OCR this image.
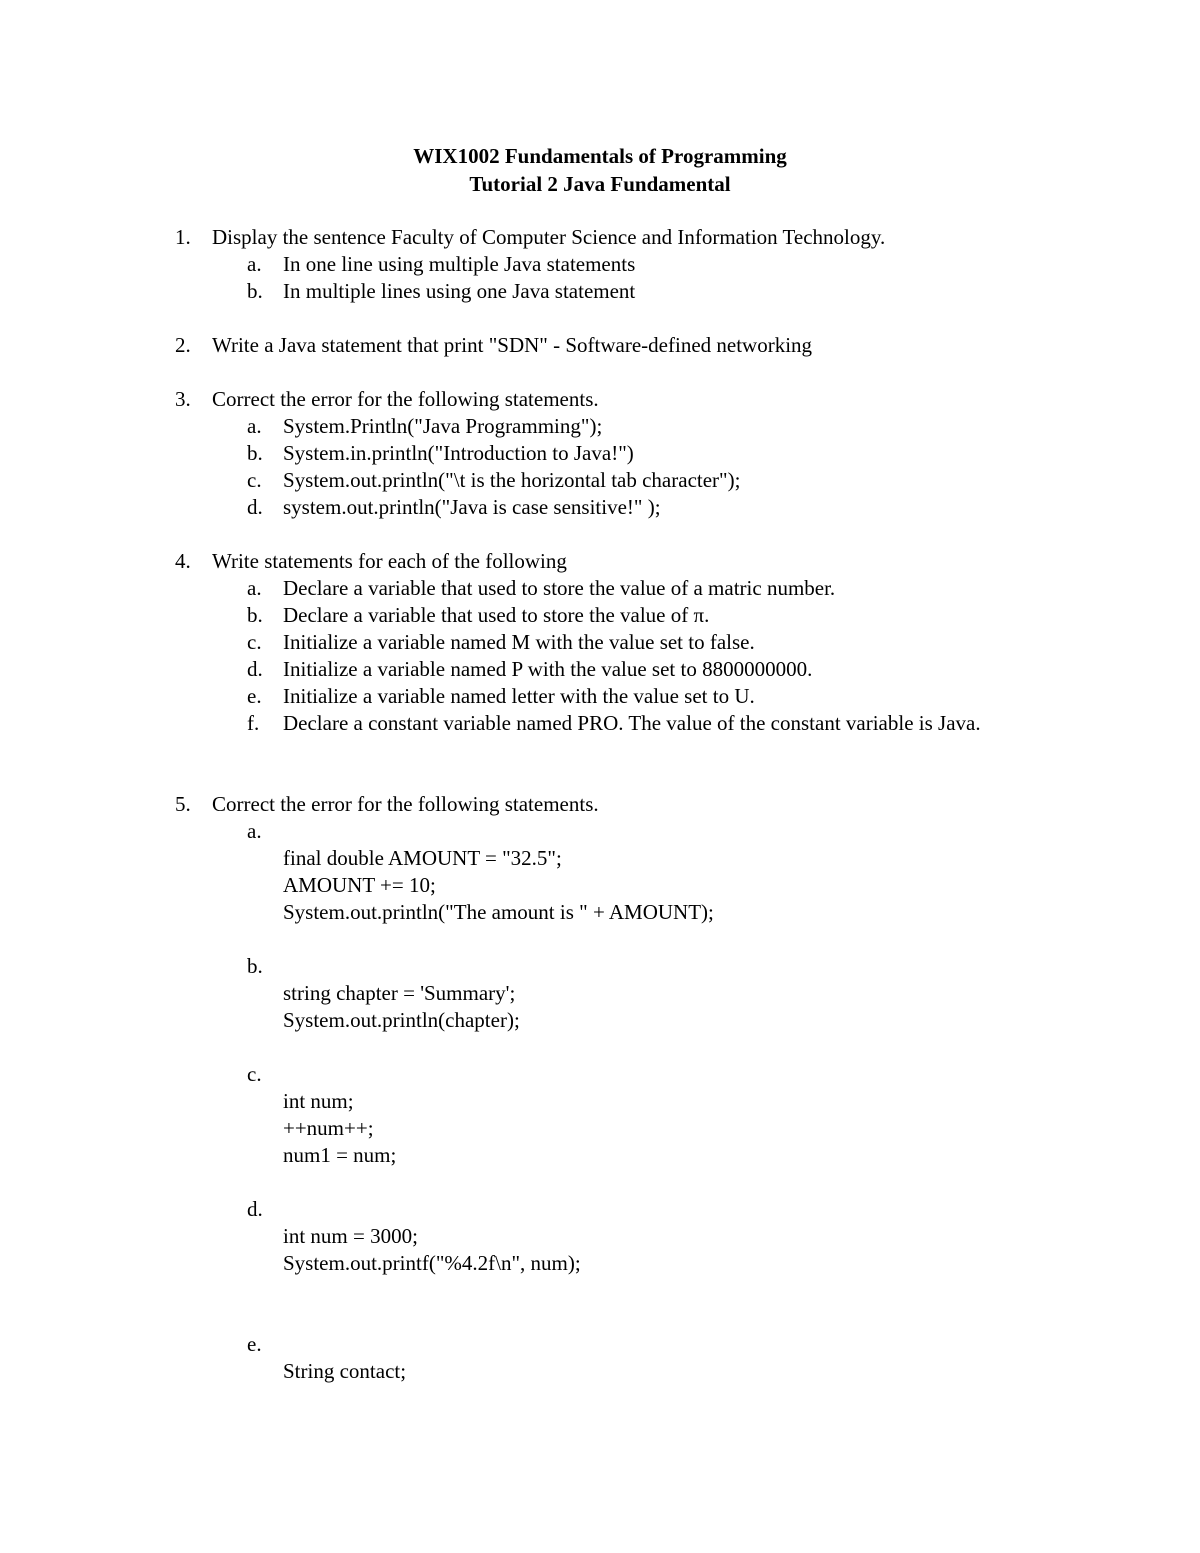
WIX1002 Fundamentals of Programming
Tutorial 2 Java Fundamental
1. Display the sentence Faculty of Computer Science and Information Technology.
a. In one line using multiple Java statements
b. In multiple lines using one Java statement
2. Write a Java statement that print "SDN" - Software-defined networking
3. Correct the error for the following statements.
a. System.Println("Java Programming");
b. System.in.println("Introduction to Java!")
c. System.out.println("\t is the horizontal tab character");
d. system.out.println("Java is case sensitive!" );
4. Write statements for each of the following
a. Declare a variable that used to store the value of a matric number.
b. Declare a variable that used to store the value of π.
c. Initialize a variable named M with the value set to false.
d. Initialize a variable named P with the value set to 8800000000.
e. Initialize a variable named letter with the value set to U.
f. Declare a constant variable named PRO. The value of the constant variable is Java.
5. Correct the error for the following statements.
a.
final double AMOUNT = "32.5";
AMOUNT += 10;
System.out.println("The amount is " + AMOUNT);
b.
string chapter = 'Summary';
System.out.println(chapter);
c.
int num;
++num++;
num1 = num;
d.
int num = 3000;
System.out.printf("%4.2f\n", num);
e.
String contact;
